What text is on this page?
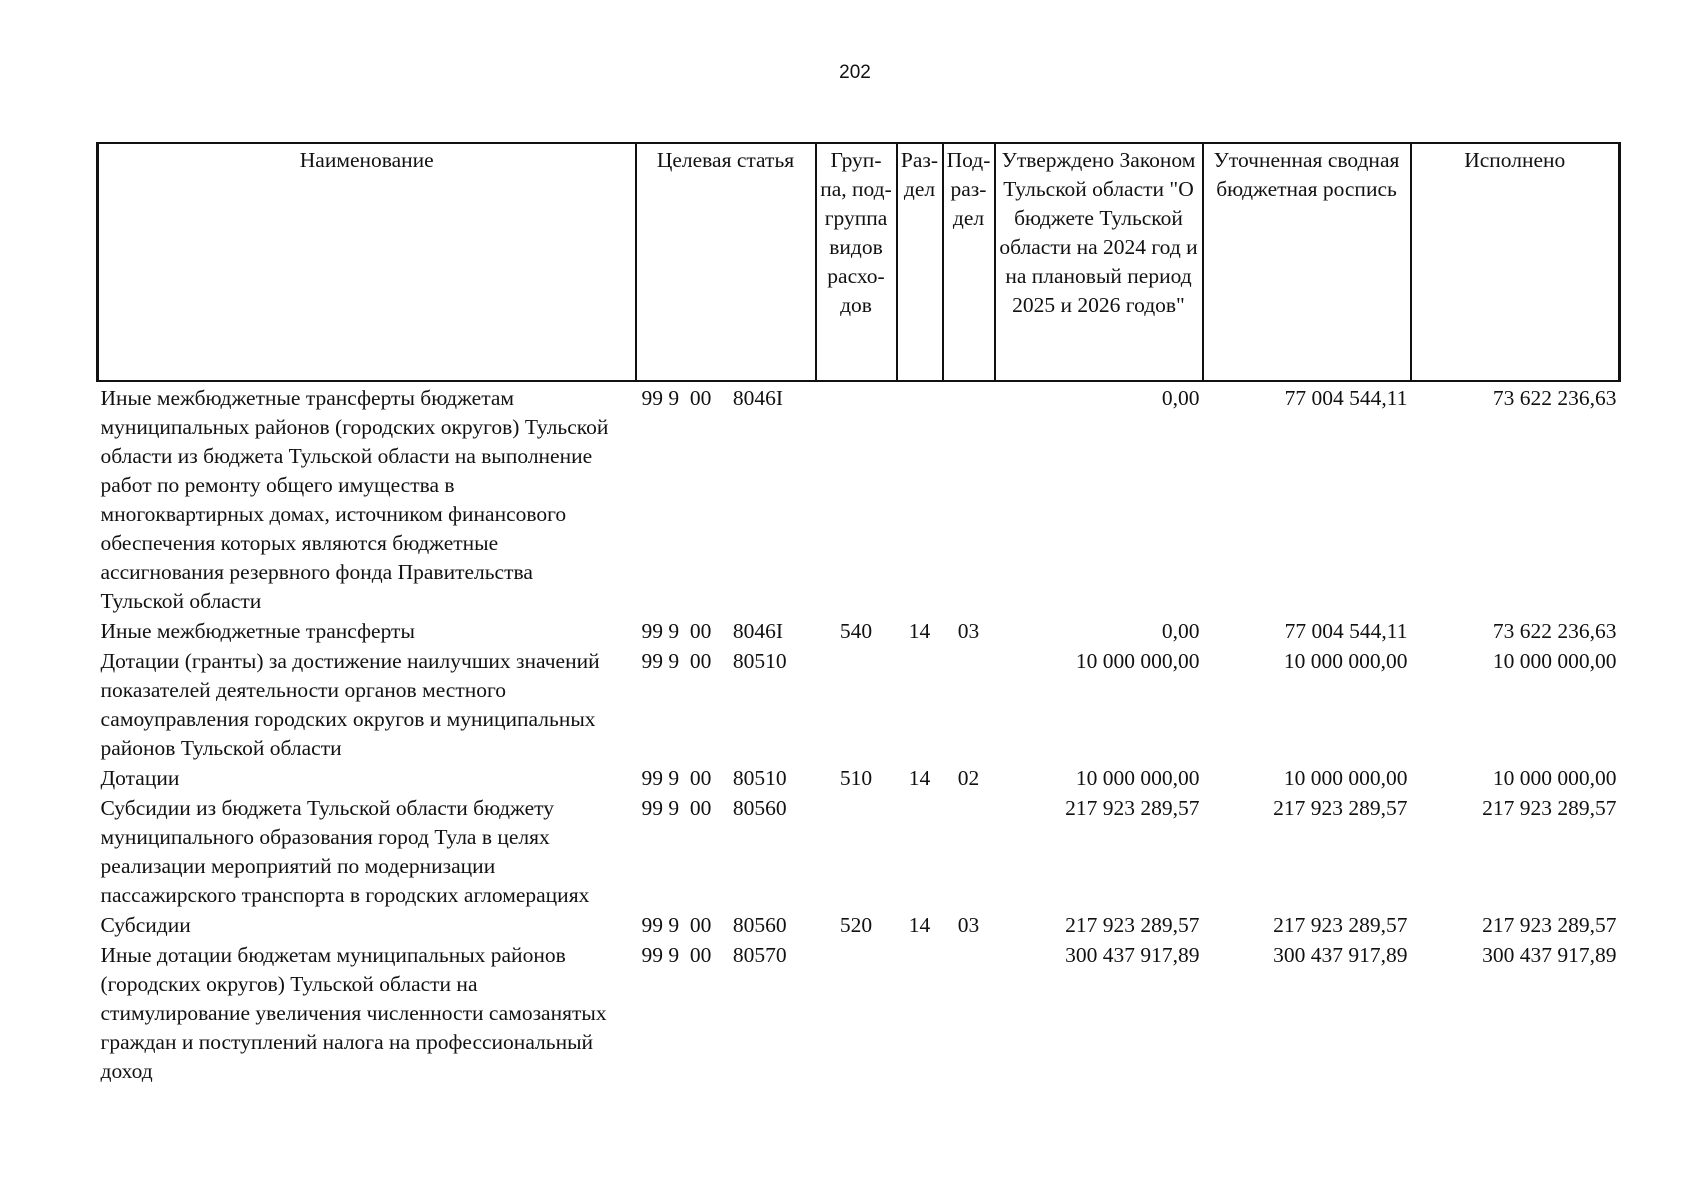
202
Наименование	Целевая статья	Груп-па, под-группа видов расхо-дов	Раз-дел	Под-раз-дел	Утверждено Законом Тульской области "О бюджете Тульской области на 2024 год и на плановый период 2025 и 2026 годов"	Уточненная сводная бюджетная роспись	Исполнено
Иные межбюджетные трансферты бюджетам муниципальных районов (городских округов) Тульской области из бюджета Тульской области на выполнение работ по ремонту общего имущества в многоквартирных домах, источником финансового обеспечения которых являются бюджетные ассигнования резервного фонда Правительства Тульской области	99 9  00    8046I				0,00	77 004 544,11	73 622 236,63
Иные межбюджетные трансферты	99 9  00    8046I	540	14	03	0,00	77 004 544,11	73 622 236,63
Дотации (гранты) за достижение наилучших значений показателей деятельности органов местного самоуправления городских округов и муниципальных районов Тульской области	99 9  00    80510				10 000 000,00	10 000 000,00	10 000 000,00
Дотации	99 9  00    80510	510	14	02	10 000 000,00	10 000 000,00	10 000 000,00
Субсидии из бюджета Тульской области бюджету муниципального образования город Тула в целях реализации мероприятий по модернизации пассажирского транспорта в городских агломерациях	99 9  00    80560				217 923 289,57	217 923 289,57	217 923 289,57
Субсидии	99 9  00    80560	520	14	03	217 923 289,57	217 923 289,57	217 923 289,57
Иные дотации бюджетам муниципальных районов (городских округов) Тульской области на стимулирование увеличения численности самозанятых граждан и поступлений налога на профессиональный доход	99 9  00    80570				300 437 917,89	300 437 917,89	300 437 917,89
